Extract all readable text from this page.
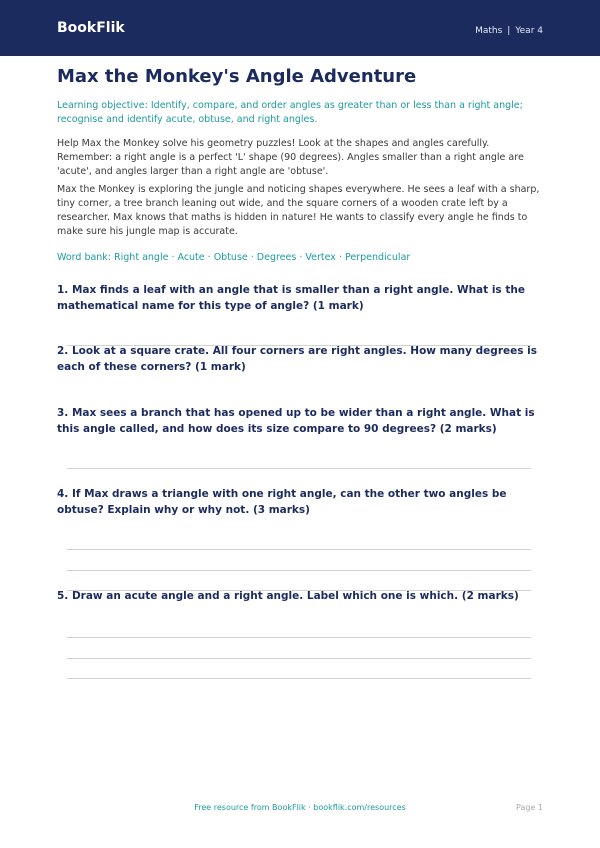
BookFlik	Maths | Year 4
Max the Monkey's Angle Adventure
Learning objective: Identify, compare, and order angles as greater than or less than a right angle; recognise and identify acute, obtuse, and right angles.
Help Max the Monkey solve his geometry puzzles! Look at the shapes and angles carefully. Remember: a right angle is a perfect 'L' shape (90 degrees). Angles smaller than a right angle are 'acute', and angles larger than a right angle are 'obtuse'.
Max the Monkey is exploring the jungle and noticing shapes everywhere. He sees a leaf with a sharp, tiny corner, a tree branch leaning out wide, and the square corners of a wooden crate left by a researcher. Max knows that maths is hidden in nature! He wants to classify every angle he finds to make sure his jungle map is accurate.
Word bank: Right angle · Acute · Obtuse · Degrees · Vertex · Perpendicular
1. Max finds a leaf with an angle that is smaller than a right angle. What is the mathematical name for this type of angle? (1 mark)
2. Look at a square crate. All four corners are right angles. How many degrees is each of these corners? (1 mark)
3. Max sees a branch that has opened up to be wider than a right angle. What is this angle called, and how does its size compare to 90 degrees? (2 marks)
4. If Max draws a triangle with one right angle, can the other two angles be obtuse? Explain why or why not. (3 marks)
5. Draw an acute angle and a right angle. Label which one is which. (2 marks)
Free resource from BookFlik · bookflik.com/resources	Page 1
